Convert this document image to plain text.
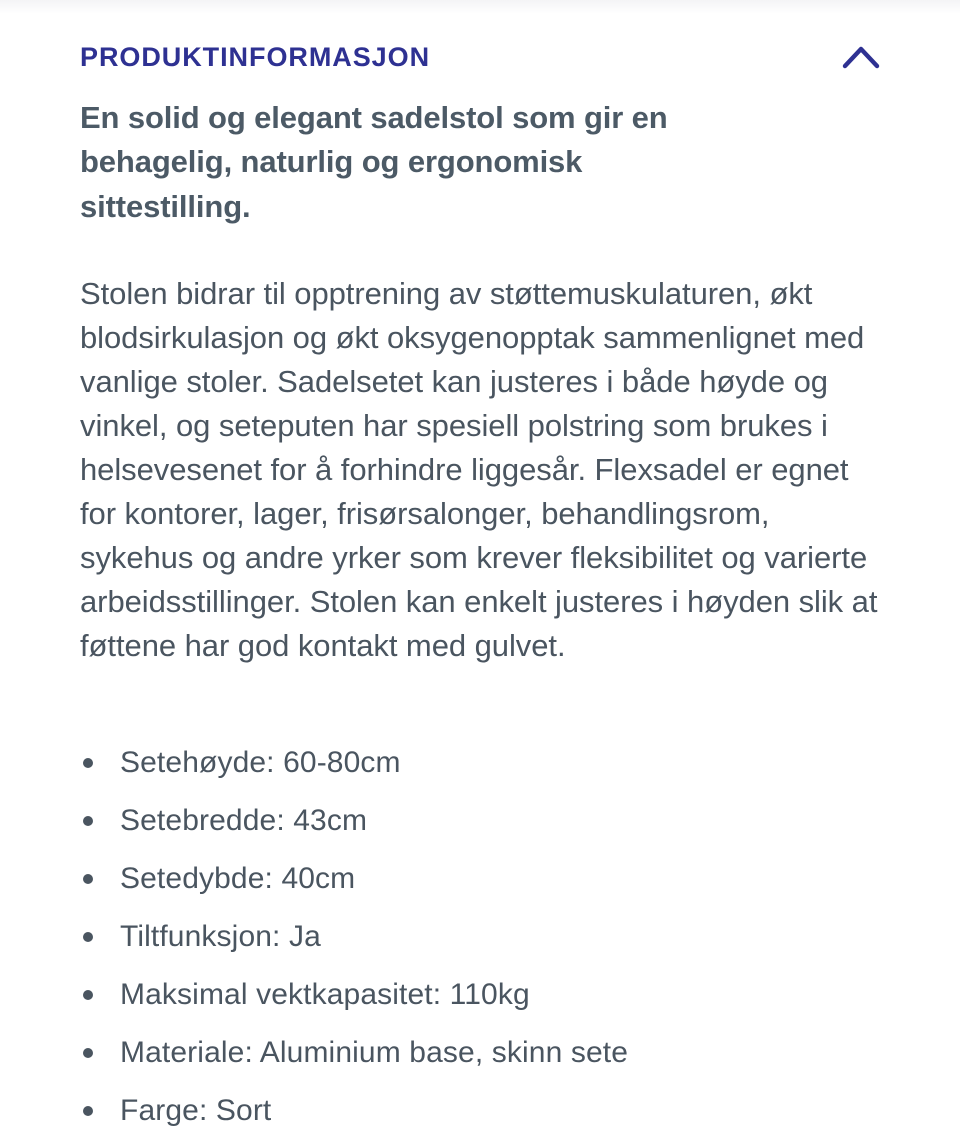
PRODUKTINFORMASJON

En solid og elegant sadelstol som gir en behagelig, naturlig og ergonomisk sittestilling.

Stolen bidrar til opptrening av støttemuskulaturen, økt blodsirkulasjon og økt oksygenopptak sammenlignet med vanlige stoler. Sadelsetet kan justeres i både høyde og vinkel, og seteputen har spesiell polstring som brukes i helsevesenet for å forhindre liggesår. Flexsadel er egnet for kontorer, lager, frisørsalonger, behandlingsrom, sykehus og andre yrker som krever fleksibilitet og varierte arbeidsstillinger. Stolen kan enkelt justeres i høyden slik at føttene har god kontakt med gulvet.

Setehøyde: 60-80cm
Setebredde: 43cm
Setedybde: 40cm
Tiltfunksjon: Ja
Maksimal vektkapasitet: 110kg
Materiale: Aluminium base, skinn sete
Farge: Sort
